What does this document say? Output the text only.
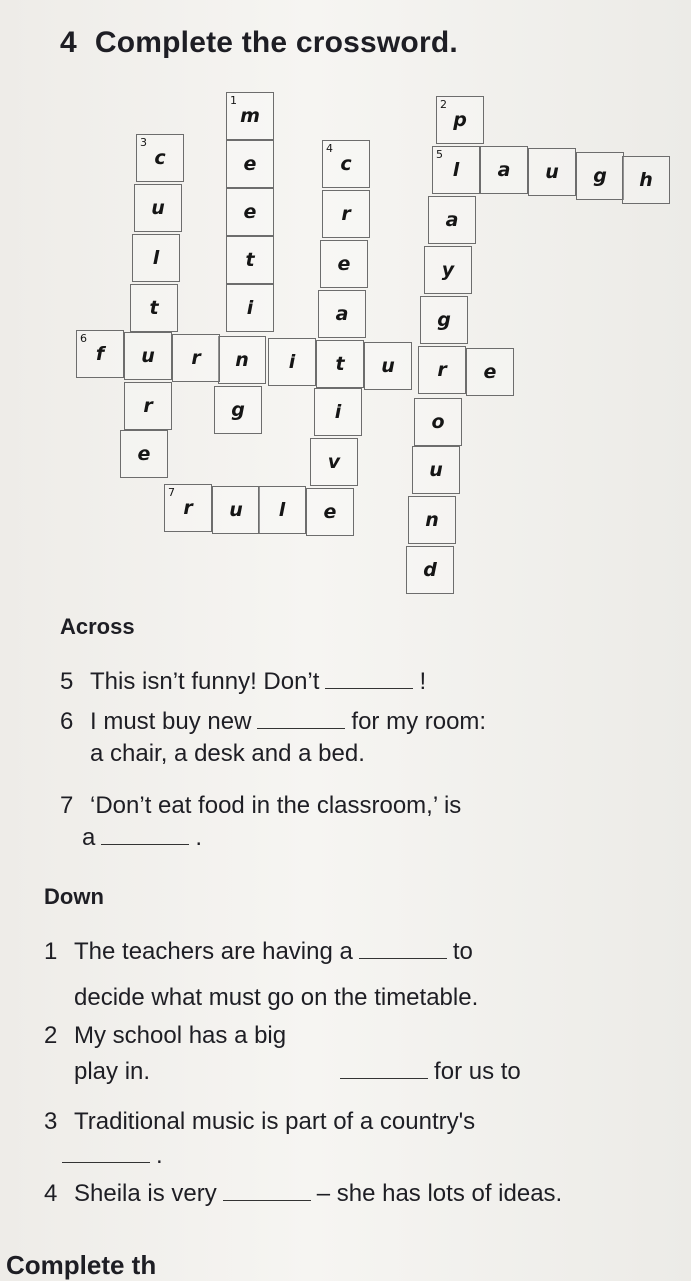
4 Complete the crossword.
1
m
e
e
t
i
n
g
3
c
u
l
t
r
e
4
c
r
e
a
i
v
e
2
p
5
l
a
y
g
r
o
u
n
d
a u g h
6
f u r	i t u	e
7
r u l
Across
5 This isn’t funny! Don’t	!
6 I must buy new	for my room:
a chair, a desk and a bed.
7 ‘Don’t eat food in the classroom,’ is
a	.
Down
1 The teachers are having a	to
decide what must go on the timetable.
2 My school has a big
play in.	for us to
3 Traditional music is part of a country's
.
4 Sheila is very	– she has lots of ideas.
Complete th
